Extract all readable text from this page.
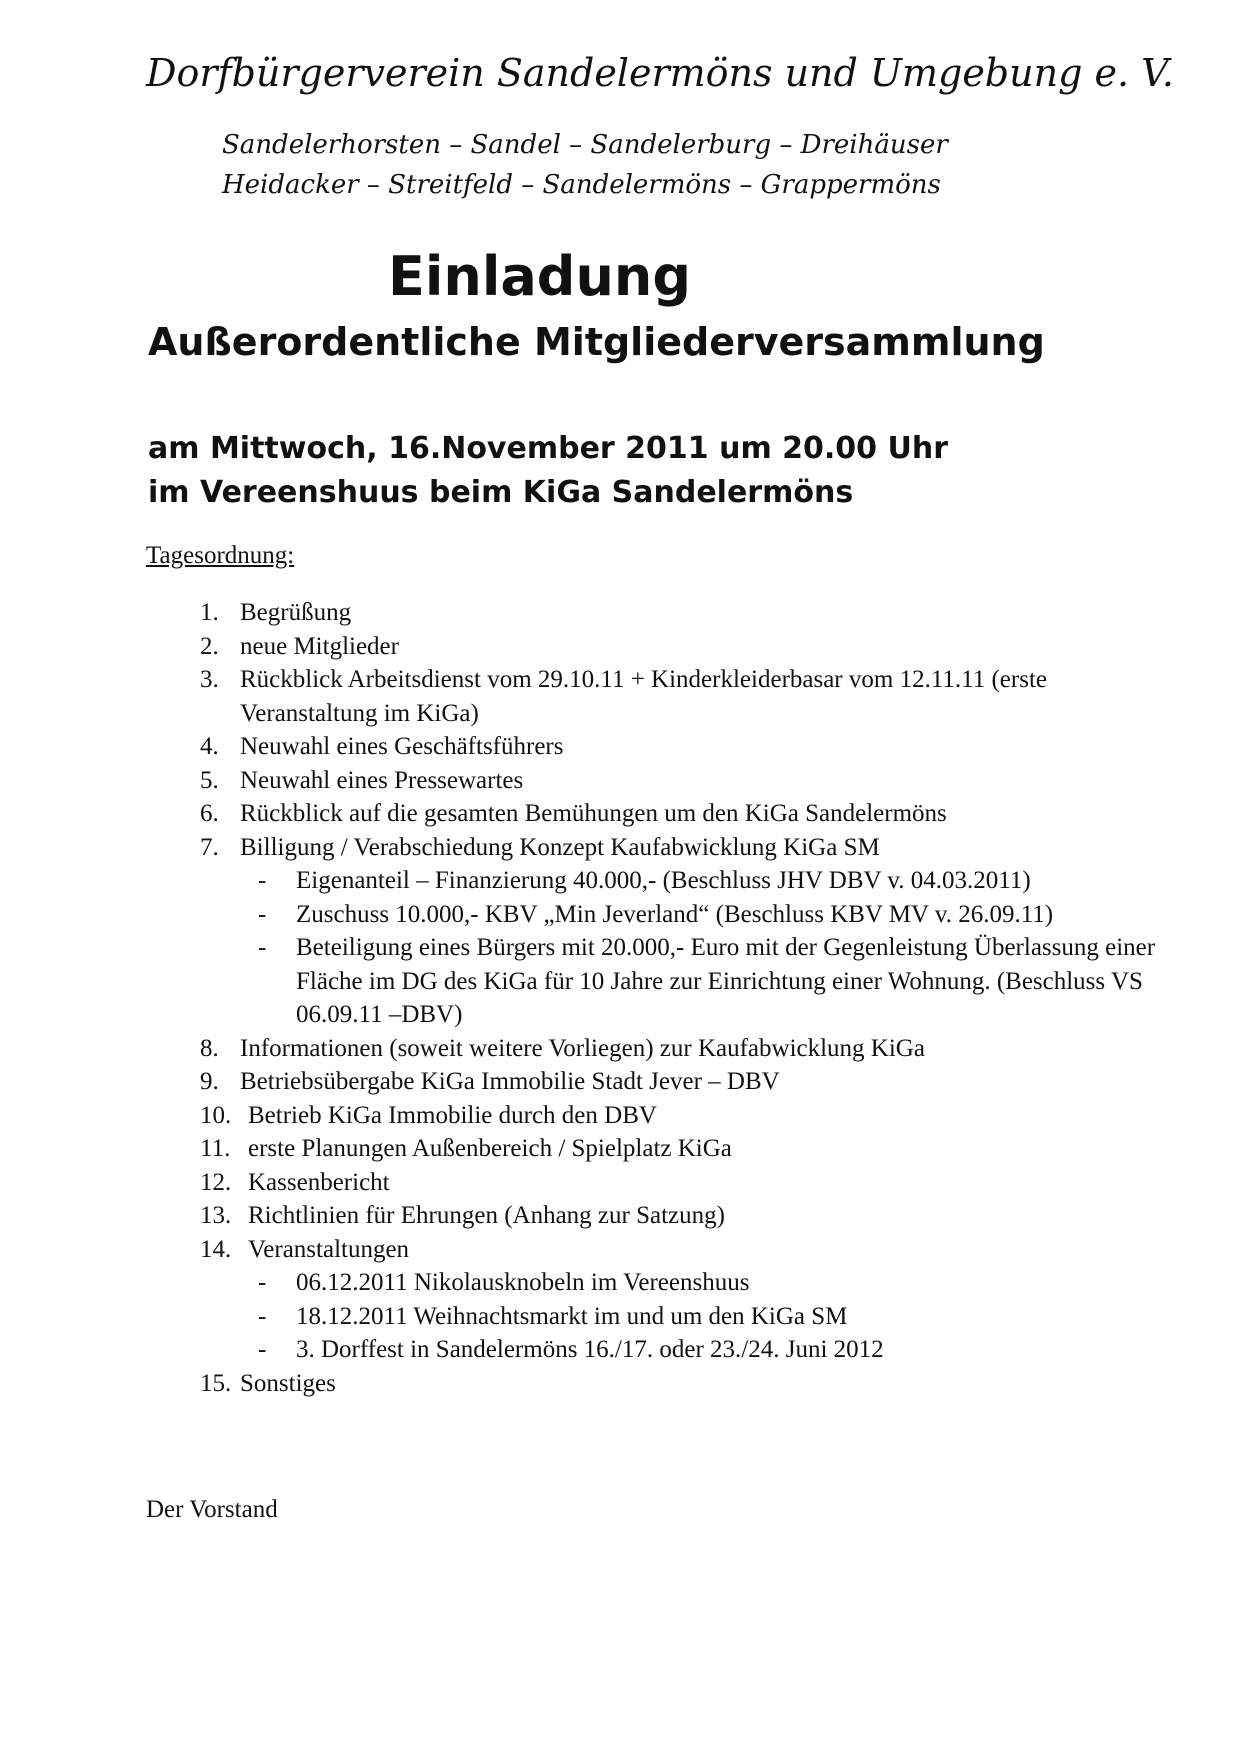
Dorfbürgerverein Sandelermöns und Umgebung e. V.
Sandelerhorsten – Sandel – Sandelerburg – Dreihäuser
Heidacker – Streitfeld – Sandelermöns – Grappermöns
Einladung
Außerordentliche Mitgliederversammlung
am Mittwoch, 16.November 2011 um 20.00 Uhr
im Vereenshuus beim KiGa Sandelermöns
Tagesordnung:
1. Begrüßung
2. neue Mitglieder
3. Rückblick Arbeitsdienst vom 29.10.11 + Kinderkleiderbasar vom 12.11.11 (erste Veranstaltung im KiGa)
4. Neuwahl eines Geschäftsführers
5. Neuwahl eines Pressewartes
6. Rückblick auf die gesamten Bemühungen um den KiGa Sandelermöns
7. Billigung / Verabschiedung Konzept Kaufabwicklung KiGa SM
-	Eigenanteil – Finanzierung 40.000,- (Beschluss JHV DBV v. 04.03.2011)
-	Zuschuss 10.000,- KBV „Min Jeverland“ (Beschluss KBV MV v. 26.09.11)
-	Beteiligung eines Bürgers mit 20.000,- Euro mit der Gegenleistung Überlassung einer Fläche im DG des KiGa für 10 Jahre zur Einrichtung einer Wohnung. (Beschluss VS 06.09.11 –DBV)
8. Informationen (soweit weitere Vorliegen) zur Kaufabwicklung KiGa
9. Betriebsübergabe KiGa Immobilie Stadt Jever – DBV
10. Betrieb KiGa Immobilie durch den DBV
11. erste Planungen Außenbereich / Spielplatz KiGa
12. Kassenbericht
13. Richtlinien für Ehrungen (Anhang zur Satzung)
14. Veranstaltungen
-	06.12.2011 Nikolausknobeln im Vereenshuus
-	18.12.2011 Weihnachtsmarkt im und um den KiGa SM
-	3. Dorffest in Sandelermöns 16./17. oder 23./24. Juni 2012
15. Sonstiges
Der Vorstand
